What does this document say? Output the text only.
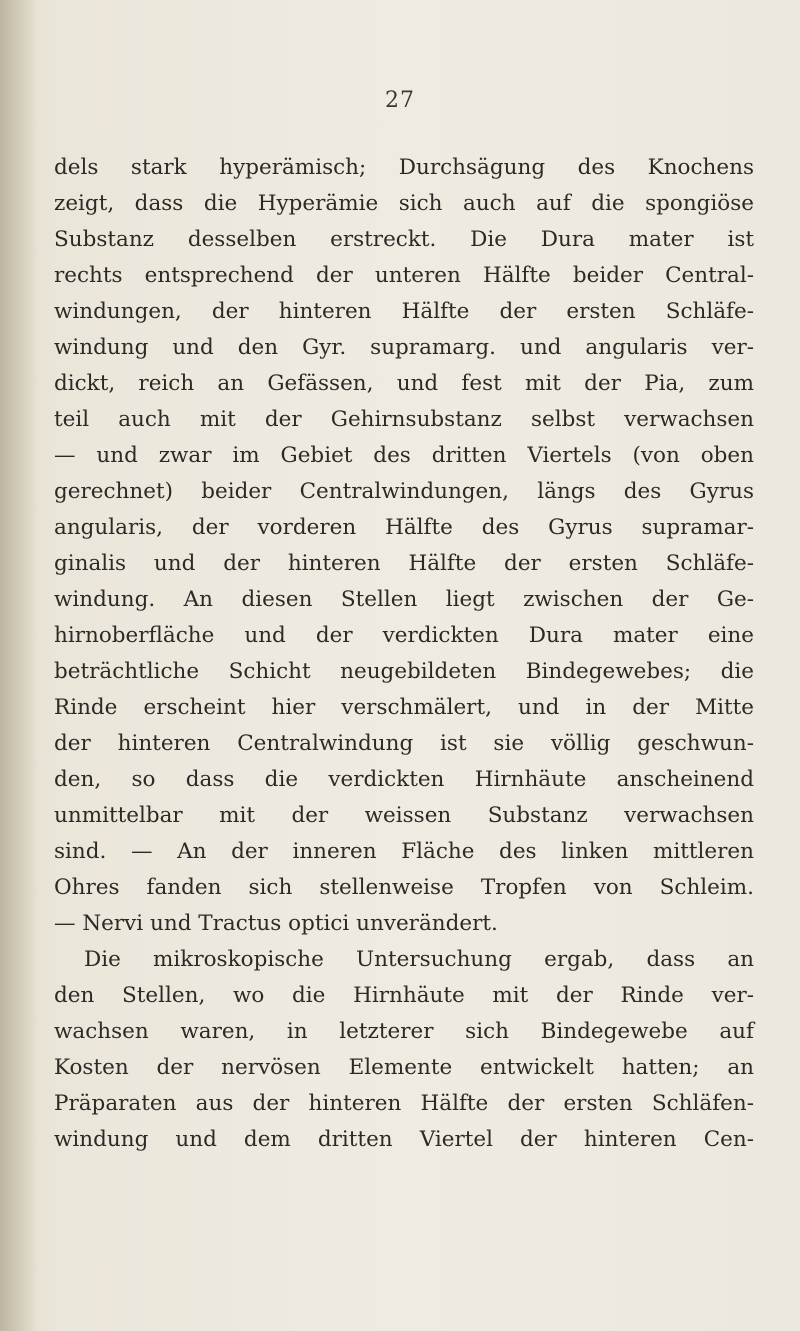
27
dels stark hyperämisch; Durchsägung des Knochens
zeigt, dass die Hyperämie sich auch auf die spongiöse
Substanz desselben erstreckt. Die Dura mater ist
rechts entsprechend der unteren Hälfte beider Central-
windungen, der hinteren Hälfte der ersten Schläfe-
windung und den Gyr. supramarg. und angularis ver-
dickt, reich an Gefässen, und fest mit der Pia, zum
teil auch mit der Gehirnsubstanz selbst verwachsen
— und zwar im Gebiet des dritten Viertels (von oben
gerechnet) beider Centralwindungen, längs des Gyrus
angularis, der vorderen Hälfte des Gyrus supramar-
ginalis und der hinteren Hälfte der ersten Schläfe-
windung. An diesen Stellen liegt zwischen der Ge-
hirnoberfläche und der verdickten Dura mater eine
beträchtliche Schicht neugebildeten Bindegewebes; die
Rinde erscheint hier verschmälert, und in der Mitte
der hinteren Centralwindung ist sie völlig geschwun-
den, so dass die verdickten Hirnhäute anscheinend
unmittelbar mit der weissen Substanz verwachsen
sind. — An der inneren Fläche des linken mittleren
Ohres fanden sich stellenweise Tropfen von Schleim.
— Nervi und Tractus optici unverändert.
Die mikroskopische Untersuchung ergab, dass an
den Stellen, wo die Hirnhäute mit der Rinde ver-
wachsen waren, in letzterer sich Bindegewebe auf
Kosten der nervösen Elemente entwickelt hatten; an
Präparaten aus der hinteren Hälfte der ersten Schläfen-
windung und dem dritten Viertel der hinteren Cen-
